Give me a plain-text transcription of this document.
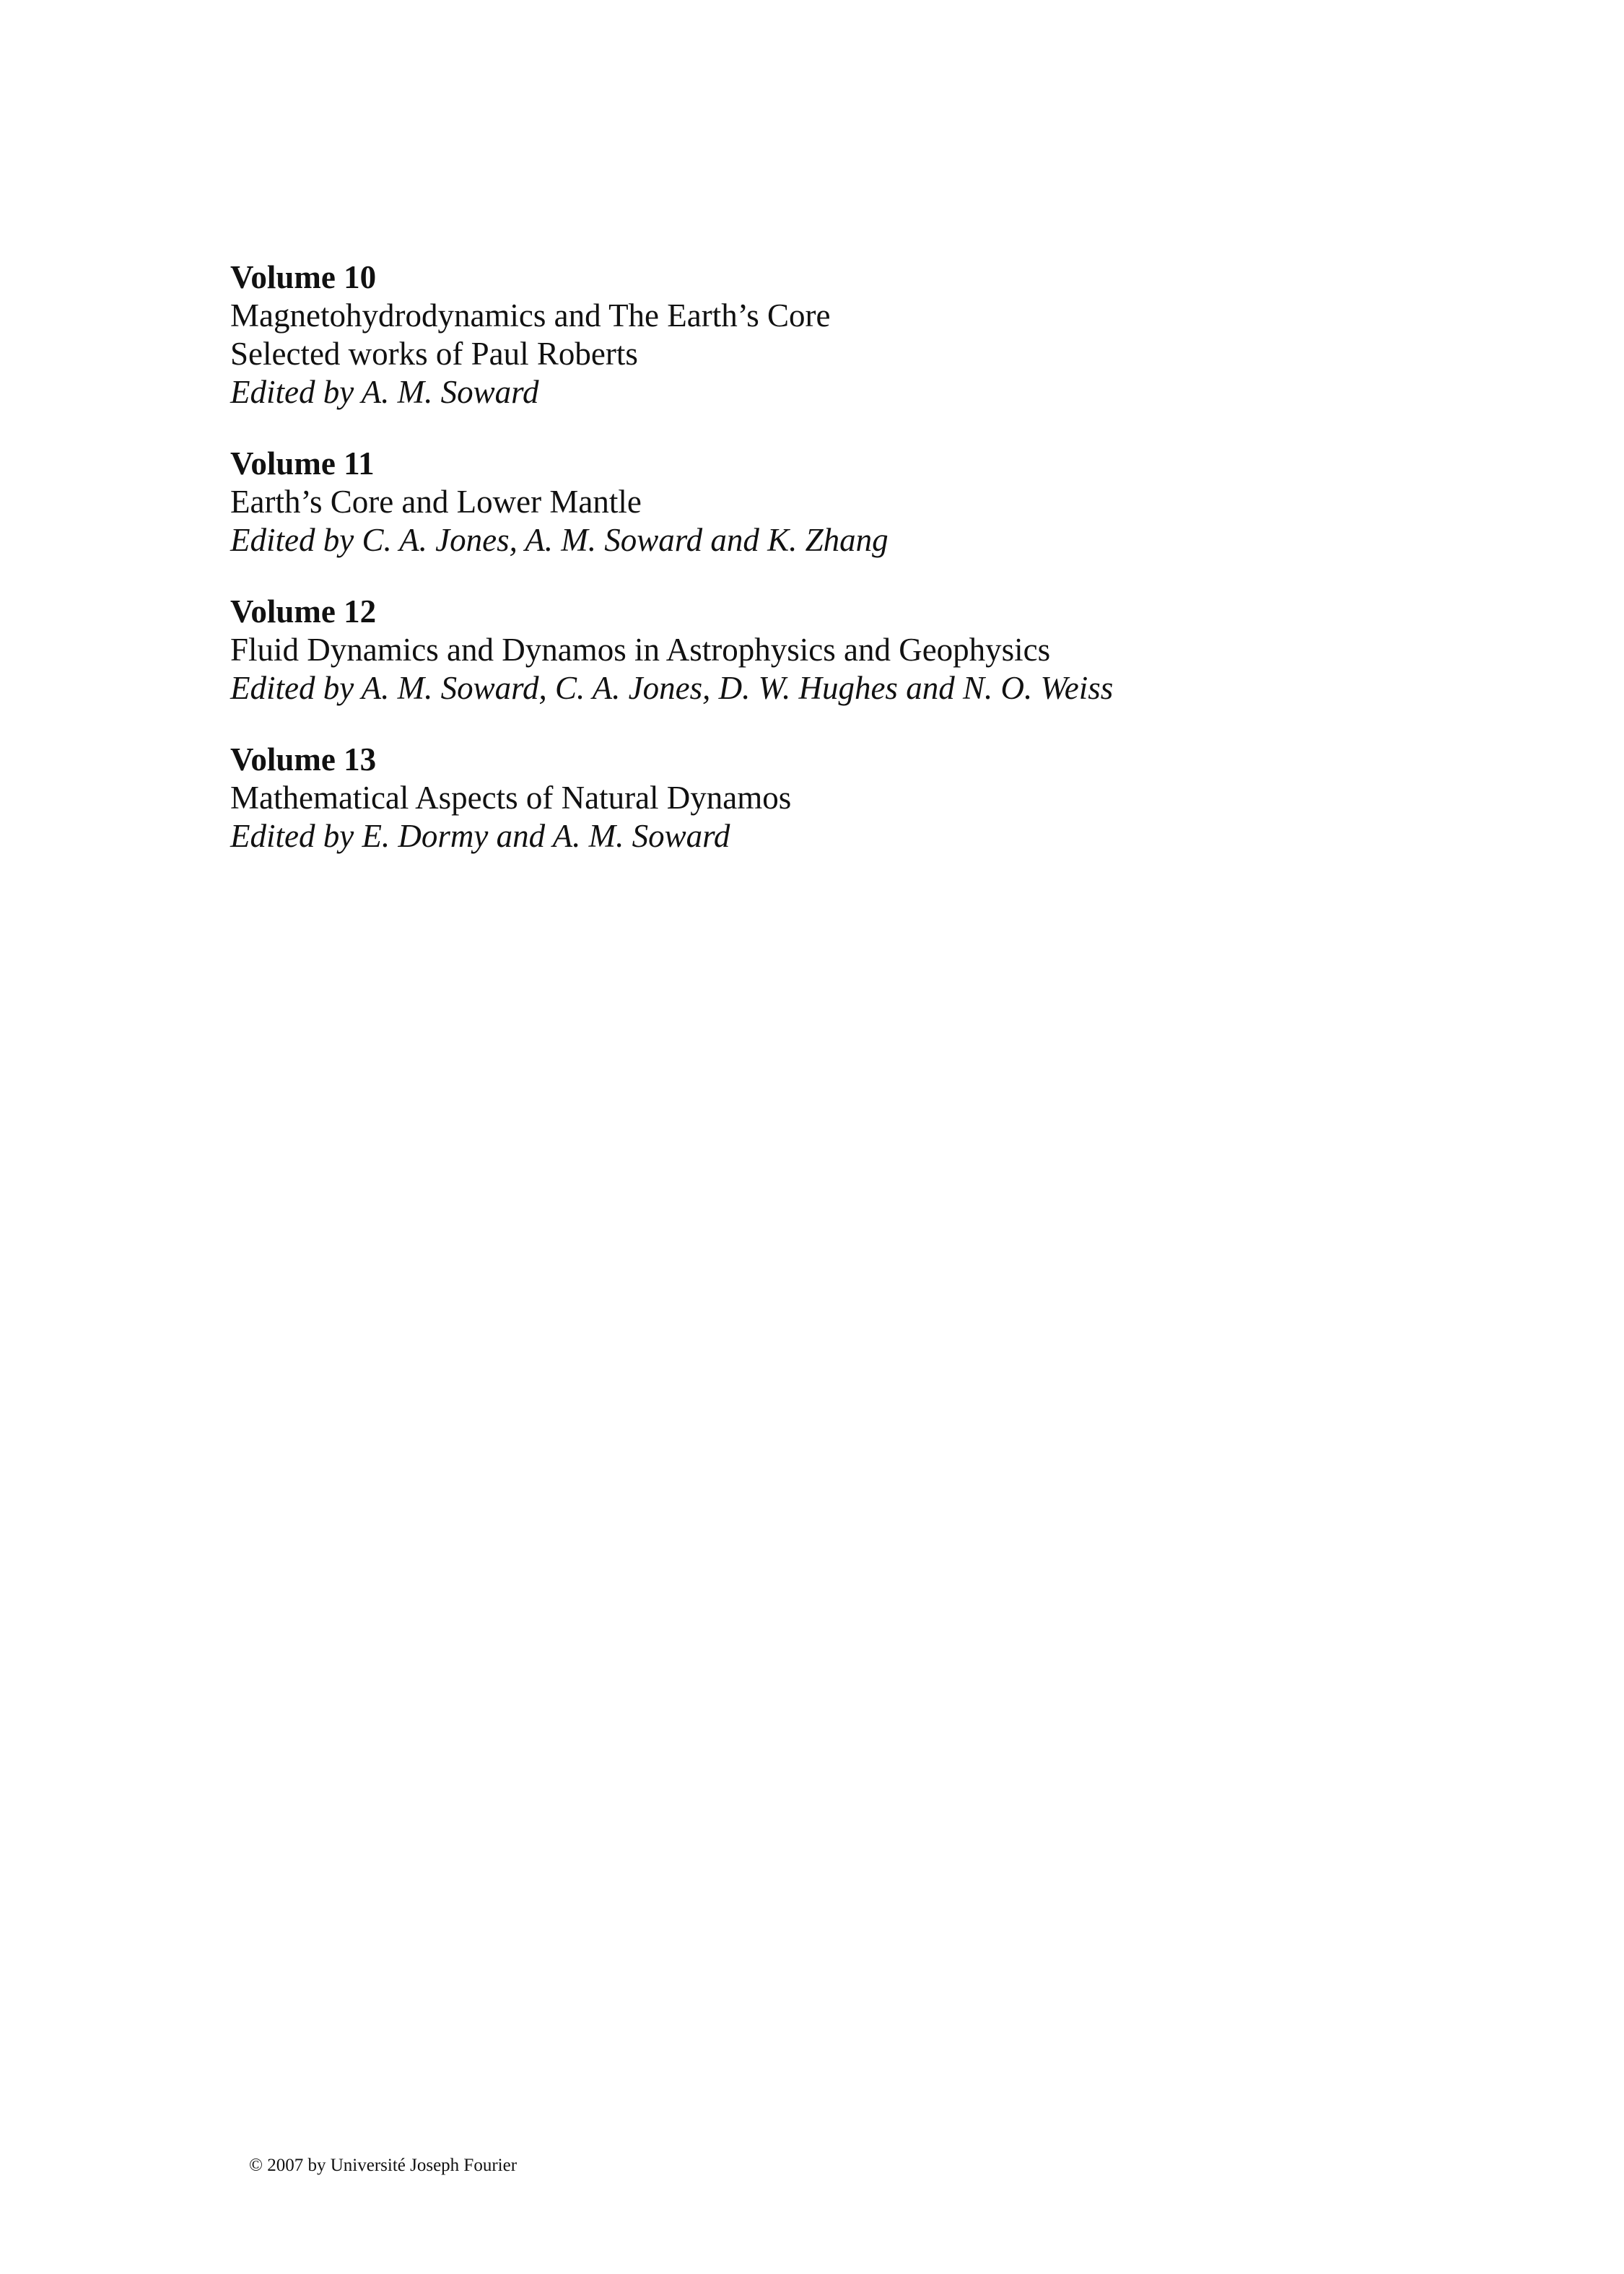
Volume 10
Magnetohydrodynamics and The Earth’s Core
Selected works of Paul Roberts
Edited by A. M. Soward
Volume 11
Earth’s Core and Lower Mantle
Edited by C. A. Jones, A. M. Soward and K. Zhang
Volume 12
Fluid Dynamics and Dynamos in Astrophysics and Geophysics
Edited by A. M. Soward, C. A. Jones, D. W. Hughes and N. O. Weiss
Volume 13
Mathematical Aspects of Natural Dynamos
Edited by E. Dormy and A. M. Soward
© 2007 by Université Joseph Fourier
